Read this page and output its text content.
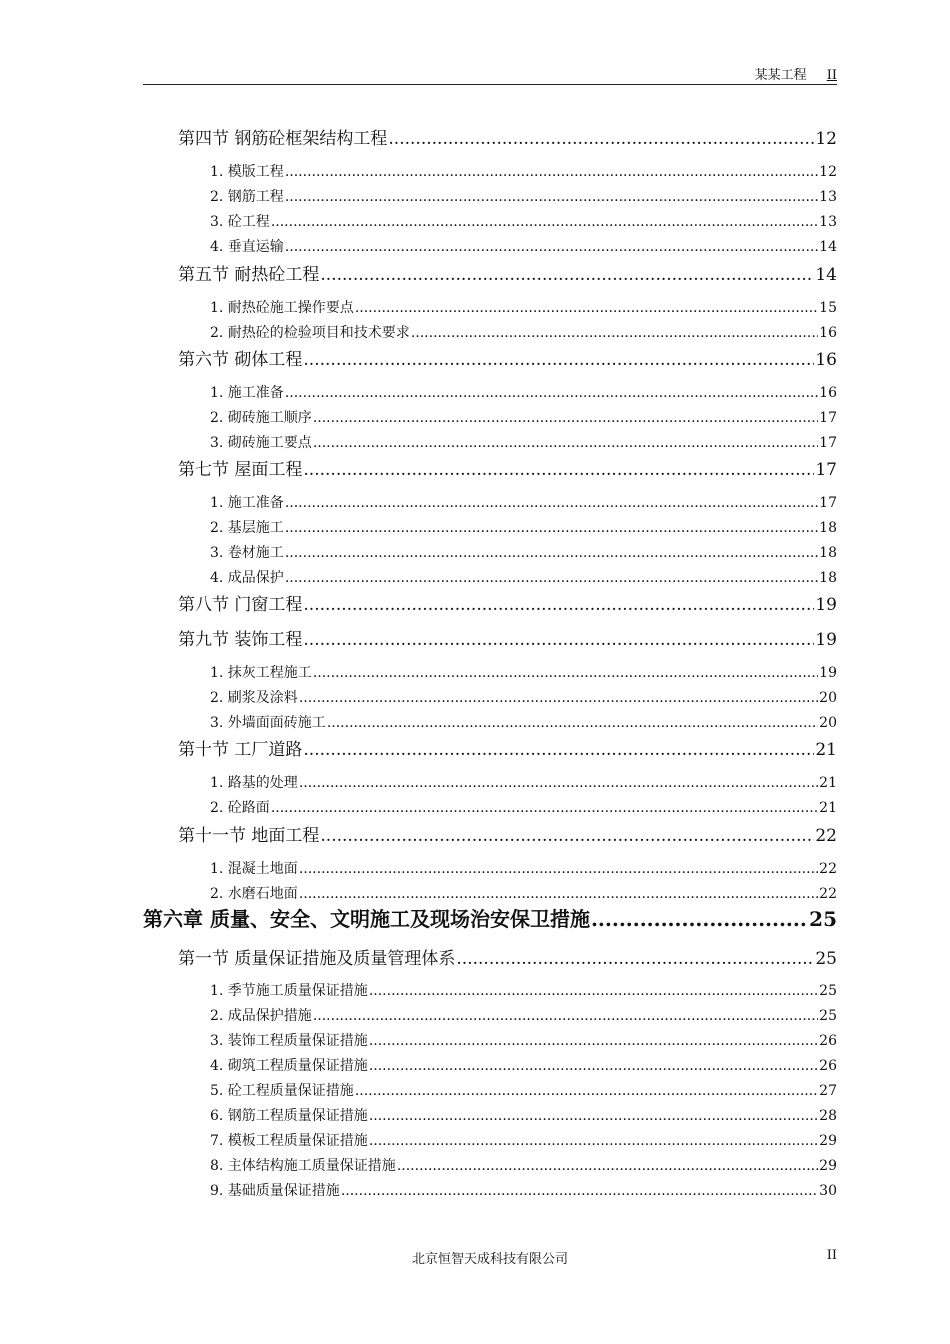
某某工程 II
第四节 钢筋砼框架结构工程 .....	12
1. 模版工程 .....	12
2. 钢筋工程 .....	13
3. 砼工程 .....	13
4. 垂直运输 .....	14
第五节 耐热砼工程 .....	14
1. 耐热砼施工操作要点 .....	15
2. 耐热砼的检验项目和技术要求 .....	16
第六节 砌体工程 .....	16
1. 施工准备 .....	16
2. 砌砖施工顺序 .....	17
3. 砌砖施工要点 .....	17
第七节 屋面工程 .....	17
1. 施工准备 .....	17
2. 基层施工 .....	18
3. 卷材施工 .....	18
4. 成品保护 .....	18
第八节 门窗工程 .....	19
第九节 装饰工程 .....	19
1. 抹灰工程施工 .....	19
2. 刷浆及涂料 .....	20
3. 外墙面面砖施工 .....	20
第十节 工厂道路 .....	21
1. 路基的处理 .....	21
2. 砼路面 .....	21
第十一节 地面工程 .....	22
1. 混凝土地面 .....	22
2. 水磨石地面 .....	22
第六章 质量、安全、文明施工及现场治安保卫措施 .....	25
第一节 质量保证措施及质量管理体系 .....	25
1. 季节施工质量保证措施 .....	25
2. 成品保护措施 .....	25
3. 装饰工程质量保证措施 .....	26
4. 砌筑工程质量保证措施 .....	26
5. 砼工程质量保证措施 .....	27
6. 钢筋工程质量保证措施 .....	28
7. 模板工程质量保证措施 .....	29
8. 主体结构施工质量保证措施 .....	29
9. 基础质量保证措施 .....	30
北京恒智天成科技有限公司	II
